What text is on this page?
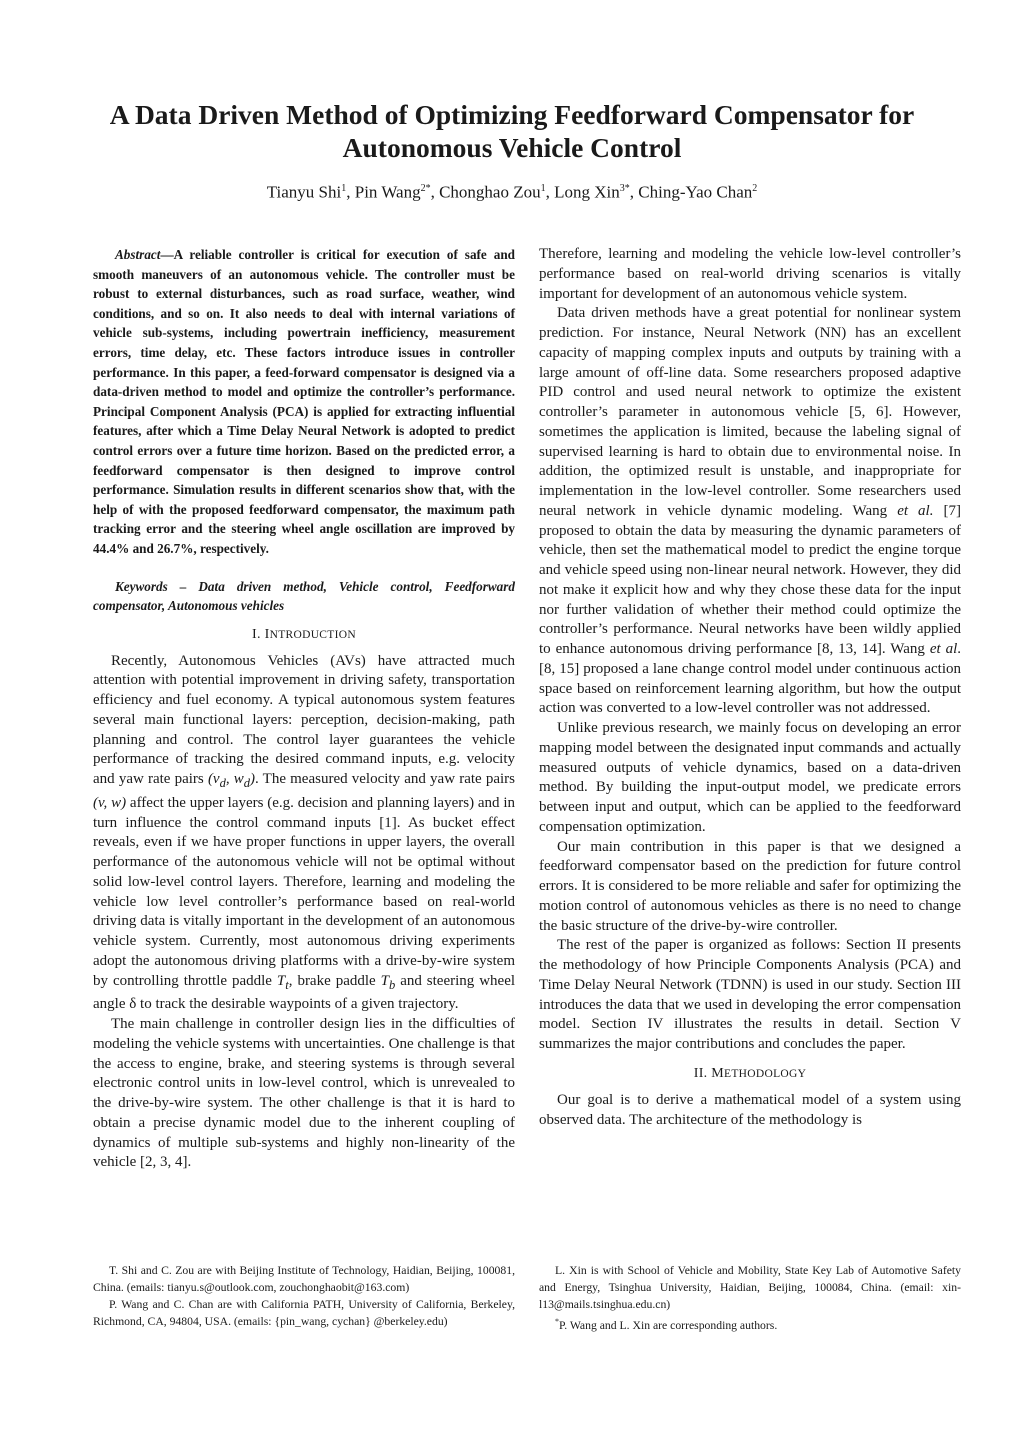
A Data Driven Method of Optimizing Feedforward Compensator for Autonomous Vehicle Control
Tianyu Shi$^1$, Pin Wang$^{2*}$, Chonghao Zou$^1$, Long Xin$^{3*}$, Ching-Yao Chan$^2$

Abstract—A reliable controller is critical for execution of safe and smooth maneuvers of an autonomous vehicle. The controller must be robust to external disturbances, such as road surface, weather, wind conditions, and so on. It also needs to deal with internal variations of vehicle sub-systems, including powertrain inefficiency, measurement errors, time delay, etc. These factors introduce issues in controller performance. In this paper, a feed-forward compensator is designed via a data-driven method to model and optimize the controller’s performance. Principal Component Analysis (PCA) is applied for extracting influential features, after which a Time Delay Neural Network is adopted to predict control errors over a future time horizon. Based on the predicted error, a feedforward compensator is then designed to improve control performance. Simulation results in different scenarios show that, with the help of with the proposed feedforward compensator, the maximum path tracking error and the steering wheel angle oscillation are improved by 44.4% and 26.7%, respectively.

Keywords – Data driven method, Vehicle control, Feedforward compensator, Autonomous vehicles

I. INTRODUCTION

Recently, Autonomous Vehicles (AVs) have attracted much attention with potential improvement in driving safety, transportation efficiency and fuel economy. A typical autonomous system features several main functional layers: perception, decision-making, path planning and control. The control layer guarantees the vehicle performance of tracking the desired command inputs, e.g. velocity and yaw rate pairs ($v_d$, $w_d$). The measured velocity and yaw rate pairs (v, w) affect the upper layers (e.g. decision and planning layers) and in turn influence the control command inputs [1]. As bucket effect reveals, even if we have proper functions in upper layers, the overall performance of the autonomous vehicle will not be optimal without solid low-level control layers. Therefore, learning and modeling the vehicle low level controller’s performance based on real-world driving data is vitally important in the development of an autonomous vehicle system. Currently, most autonomous driving experiments adopt the autonomous driving platforms with a drive-by-wire system by controlling throttle paddle $T_t$, brake paddle $T_b$ and steering wheel angle δ to track the desirable waypoints of a given trajectory.

The main challenge in controller design lies in the difficulties of modeling the vehicle systems with uncertainties. One challenge is that the access to engine, brake, and steering systems is through several electronic control units in low-level control, which is unrevealed to the drive-by-wire system. The other challenge is that it is hard to obtain a precise dynamic model due to the inherent coupling of dynamics of multiple sub-systems and highly non-linearity of the vehicle [2, 3, 4].

Therefore, learning and modeling the vehicle low-level controller’s performance based on real-world driving scenarios is vitally important for development of an autonomous vehicle system.

Data driven methods have a great potential for nonlinear system prediction. For instance, Neural Network (NN) has an excellent capacity of mapping complex inputs and outputs by training with a large amount of off-line data. Some researchers proposed adaptive PID control and used neural network to optimize the existent controller’s parameter in autonomous vehicle [5, 6]. However, sometimes the application is limited, because the labeling signal of supervised learning is hard to obtain due to environmental noise. In addition, the optimized result is unstable, and inappropriate for implementation in the low-level controller. Some researchers used neural network in vehicle dynamic modeling. Wang et al. [7] proposed to obtain the data by measuring the dynamic parameters of vehicle, then set the mathematical model to predict the engine torque and vehicle speed using non-linear neural network. However, they did not make it explicit how and why they chose these data for the input nor further validation of whether their method could optimize the controller’s performance. Neural networks have been wildly applied to enhance autonomous driving performance [8, 13, 14]. Wang et al. [8, 15] proposed a lane change control model under continuous action space based on reinforcement learning algorithm, but how the output action was converted to a low-level controller was not addressed.

Unlike previous research, we mainly focus on developing an error mapping model between the designated input commands and actually measured outputs of vehicle dynamics, based on a data-driven method. By building the input-output model, we predicate errors between input and output, which can be applied to the feedforward compensation optimization.

Our main contribution in this paper is that we designed a feedforward compensator based on the prediction for future control errors. It is considered to be more reliable and safer for optimizing the motion control of autonomous vehicles as there is no need to change the basic structure of the drive-by-wire controller.

The rest of the paper is organized as follows: Section II presents the methodology of how Principle Components Analysis (PCA) and Time Delay Neural Network (TDNN) is used in our study. Section III introduces the data that we used in developing the error compensation model. Section IV illustrates the results in detail. Section V summarizes the major contributions and concludes the paper.

II. METHODOLOGY

Our goal is to derive a mathematical model of a system using observed data. The architecture of the methodology is

T. Shi and C. Zou are with Beijing Institute of Technology, Haidian, Beijing, 100081, China. (emails: tianyu.s@outlook.com, zouchonghaobit@163.com)

P. Wang and C. Chan are with California PATH, University of California, Berkeley, Richmond, CA, 94804, USA. (emails: {pin_wang, cychan} @berkeley.edu)

L. Xin is with School of Vehicle and Mobility, State Key Lab of Automotive Safety and Energy, Tsinghua University, Haidian, Beijing, 100084, China. (email: xin-l13@mails.tsinghua.edu.cn)

*P. Wang and L. Xin are corresponding authors.
